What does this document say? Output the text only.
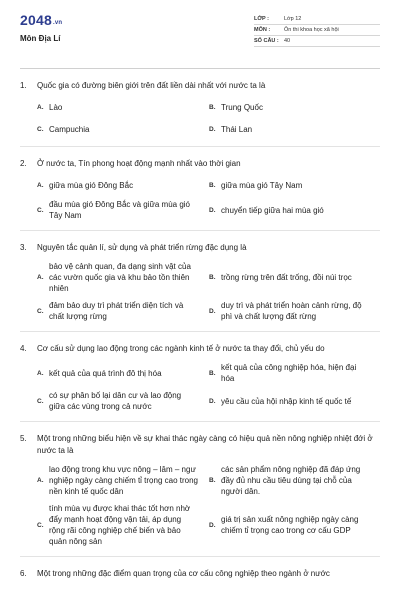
2048.vn
Môn Địa Lí
LỚP :	Lớp 12
MÔN :	Ôn thi khoa học xã hội
SỐ CÂU : 40
1.	Quốc gia có đường biên giới trên đất liền dài nhất với nước ta là
A. Lào	B. Trung Quốc
C. Campuchia	D. Thái Lan
2.	Ở nước ta, Tín phong hoạt động mạnh nhất vào thời gian
A. giữa mùa gió Đông Bắc	B. giữa mùa gió Tây Nam
C.
đầu mùa gió Đông Bắc và giữa mùa gió Tây Nam
D. chuyển tiếp giữa hai mùa gió
3.	Nguyên tắc quản lí, sử dụng và phát triển rừng đặc dụng là
A.
bảo vệ cảnh quan, đa dạng sinh vật của các vườn quốc gia và khu bảo tồn thiên nhiên
B. trồng rừng trên đất trống, đồi núi trọc
C.
đảm bảo duy trì phát triển diện tích và chất lượng rừng
D.
duy trì và phát triển hoàn cảnh rừng, độ phì và chất lượng đất rừng
4.	Cơ cấu sử dụng lao động trong các ngành kinh tế ở nước ta thay đổi, chủ yếu do
A. kết quả của quá trình đô thị hóa	B.
kết quả của công nghiệp hóa, hiện đại hóa
C.
có sự phân bố lại dân cư và lao động giữa các vùng trong cả nước
D. yêu cầu của hội nhập kinh tế quốc tế
5.	Một trong những biểu hiện về sự khai thác ngày càng có hiệu quả nền nông nghiệp nhiệt đới ở nước ta là
A.
lao động trong khu vực nông – lâm – ngư nghiệp ngày càng chiếm tỉ trọng cao trong nền kinh tế quốc dân
B.
các sản phẩm nông nghiệp đã đáp ứng đầy đủ nhu cầu tiêu dùng tại chỗ của người dân.
C.
tính mùa vụ được khai thác tốt hơn nhờ đẩy mạnh hoạt động vận tải, áp dụng rộng rãi công nghiệp chế biến và bảo quản nông sản
D.
giá trị sản xuất nông nghiệp ngày càng chiếm tỉ trọng cao trong cơ cấu GDP
6.	Một trong những đặc điểm quan trọng của cơ cấu công nghiệp theo ngành ở nước
